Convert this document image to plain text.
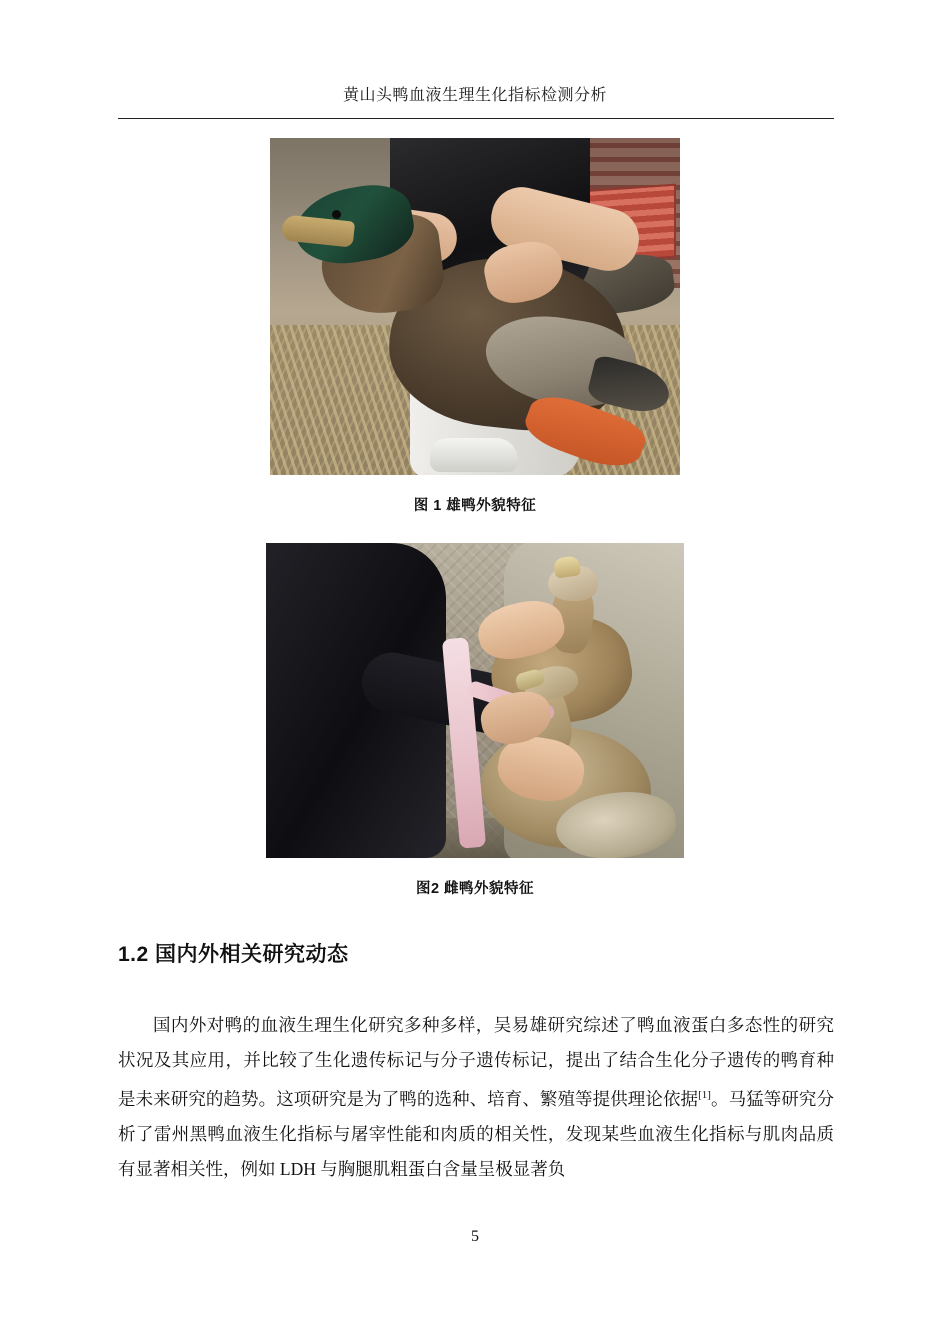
黄山头鸭血液生理生化指标检测分析
图 1 雄鸭外貌特征
图2 雌鸭外貌特征
1.2 国内外相关研究动态

国内外对鸭的血液生理生化研究多种多样，吴易雄研究综述了鸭血液蛋白多态性的研究状况及其应用，并比较了生化遗传标记与分子遗传标记，提出了结合生化分子遗传的鸭育种是未来研究的趋势。这项研究是为了鸭的选种、培育、繁殖等提供理论依据[1]。马猛等研究分析了雷州黑鸭血液生化指标与屠宰性能和肉质的相关性，发现某些血液生化指标与肌肉品质有显著相关性，例如 LDH 与胸腿肌粗蛋白含量呈极显著负

5
